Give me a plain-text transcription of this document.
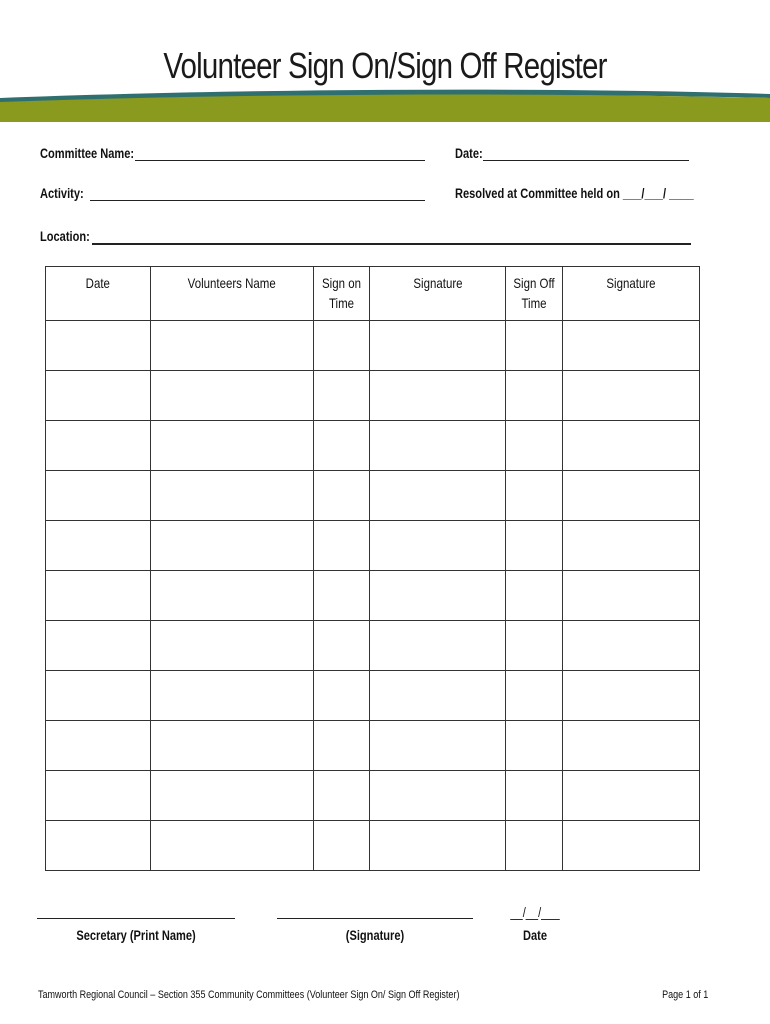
Volunteer Sign On/Sign Off Register
Committee Name:	Date:
Activity:	Resolved at Committee held on ___/___/ ____
Location:
Date	Volunteers Name	Sign on Time	Signature	Sign Off Time	Signature

Secretary (Print Name)	(Signature)
__/__/___
Date
Tamworth Regional Council – Section 355 Community Committees (Volunteer Sign On/ Sign Off Register)	Page 1 of 1
